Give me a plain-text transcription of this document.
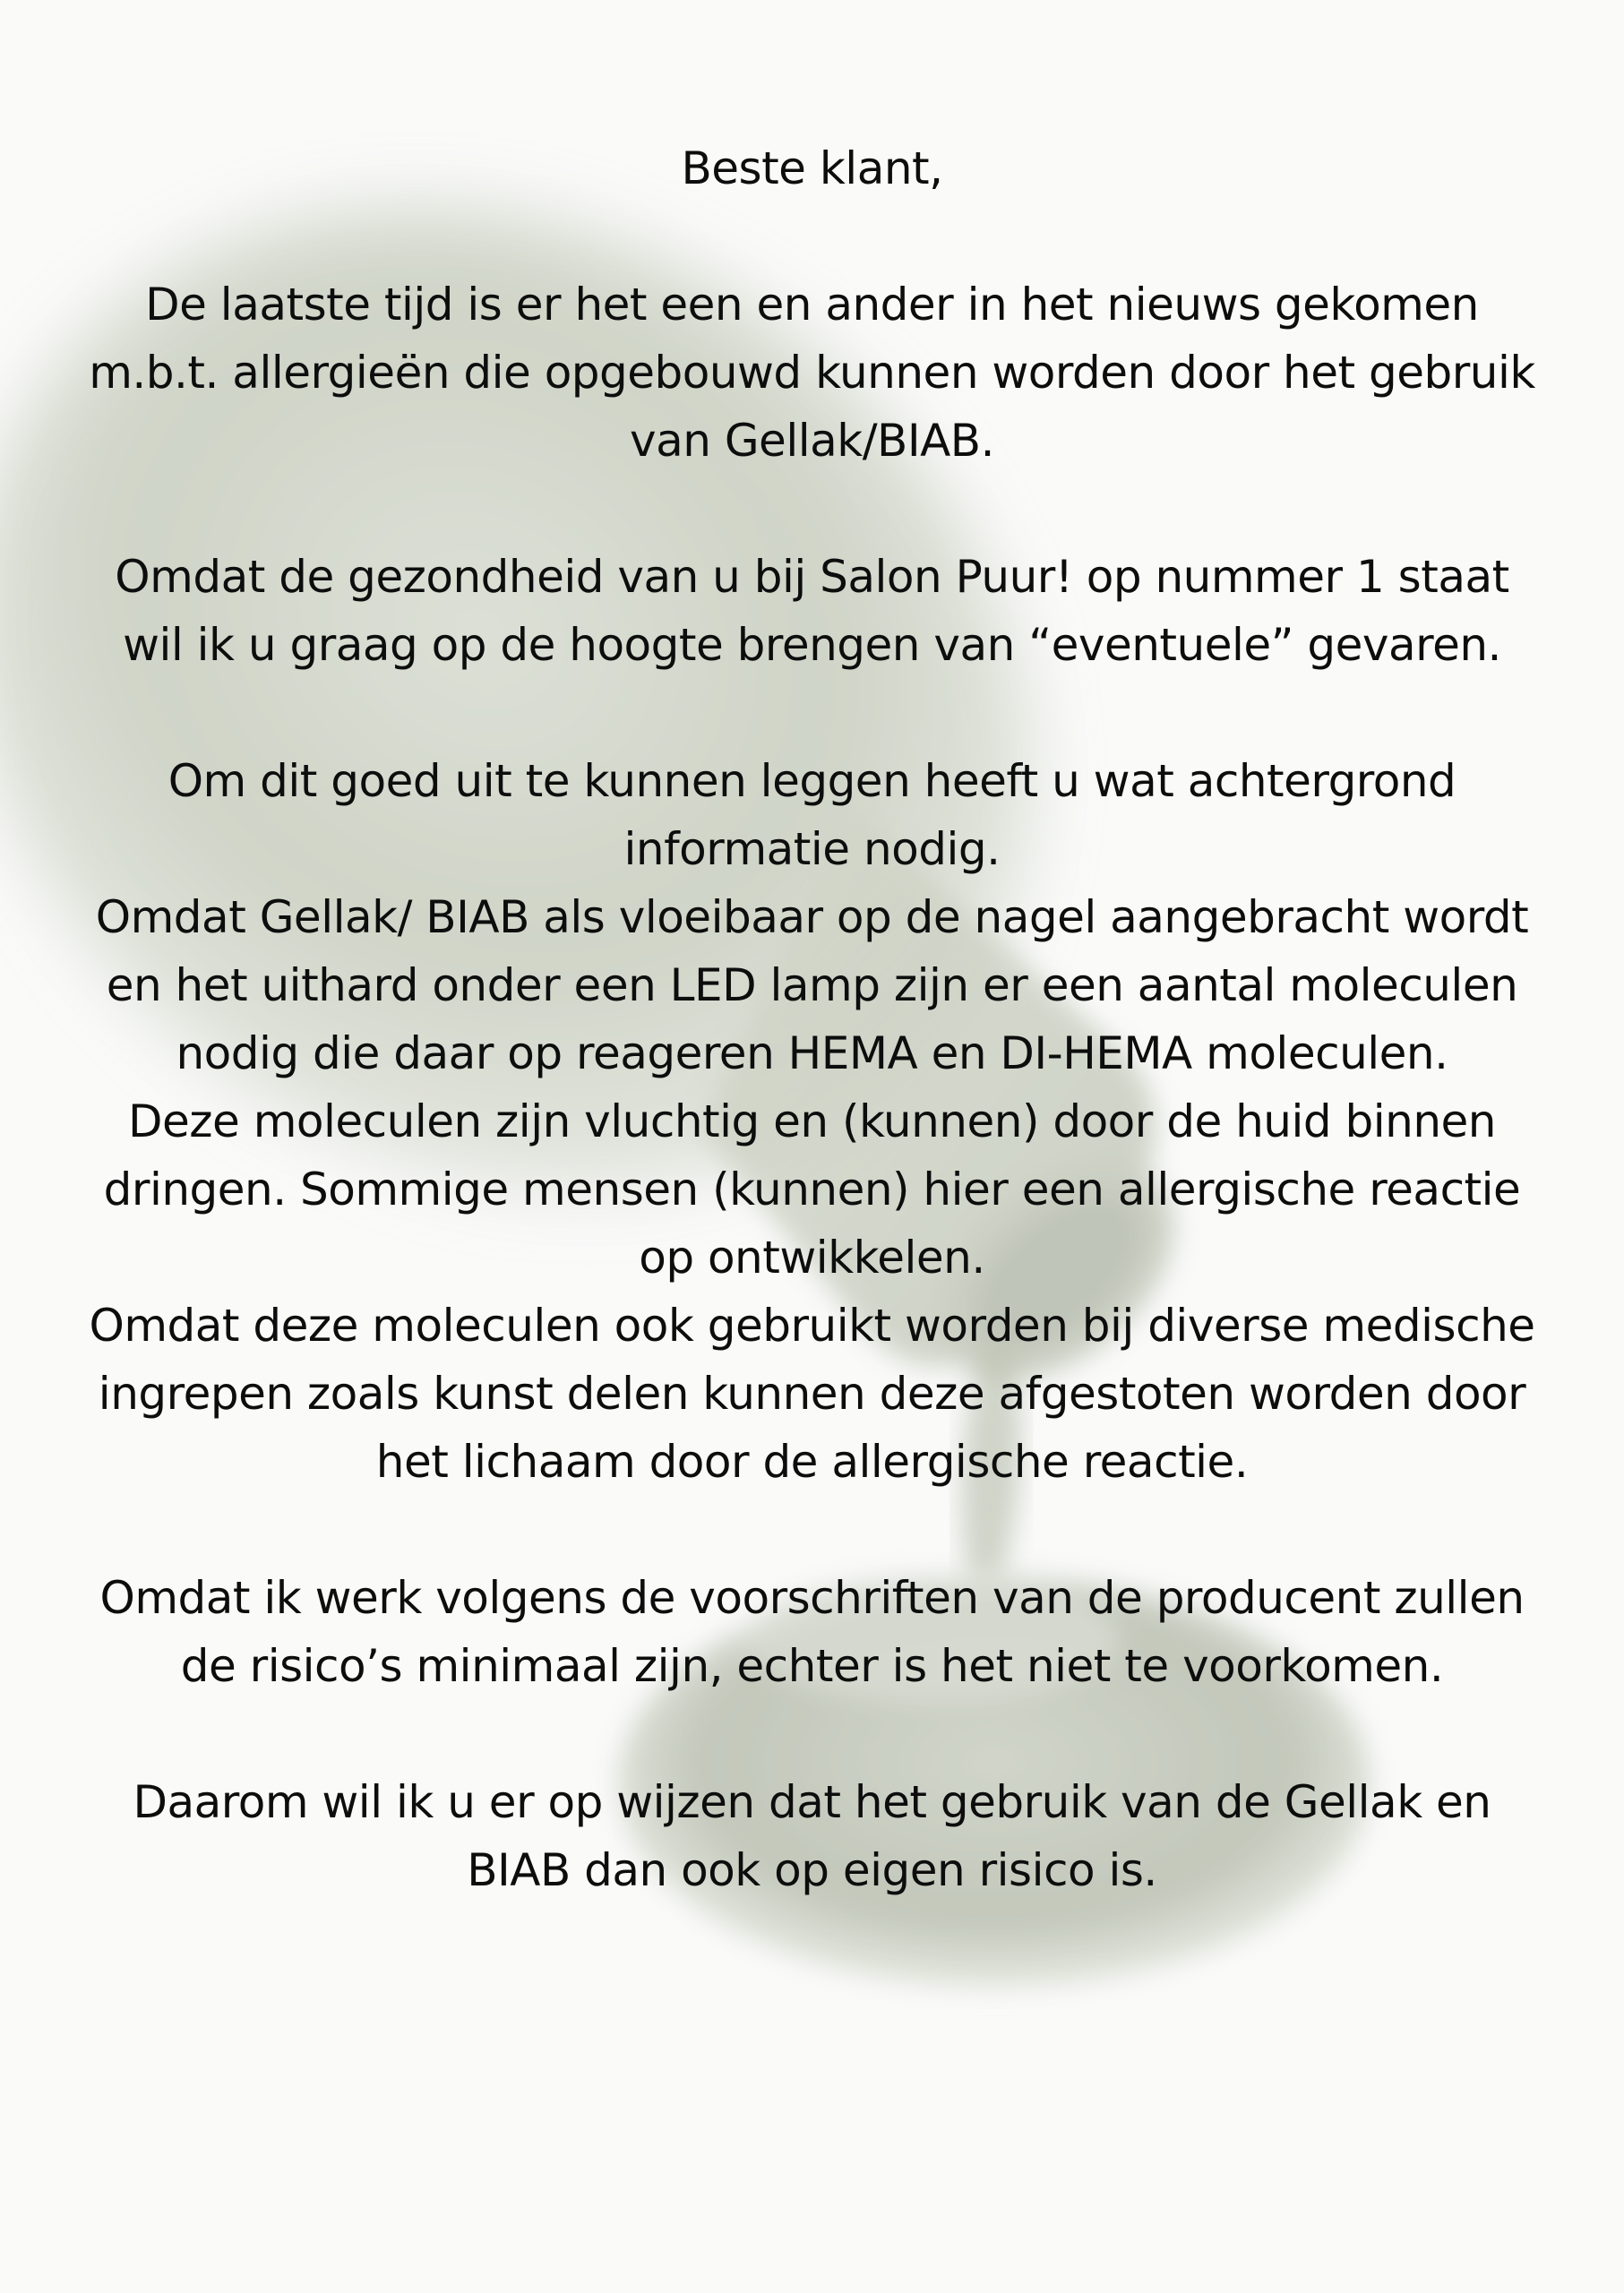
Beste klant,

De laatste tijd is er het een en ander in het nieuws gekomen m.b.t. allergieën die opgebouwd kunnen worden door het gebruik van Gellak/BIAB.

Omdat de gezondheid van u bij Salon Puur! op nummer 1 staat wil ik u graag op de hoogte brengen van “eventuele” gevaren.

Om dit goed uit te kunnen leggen heeft u wat achtergrond informatie nodig.

Omdat Gellak/ BIAB als vloeibaar op de nagel aangebracht wordt en het uithard onder een LED lamp zijn er een aantal moleculen nodig die daar op reageren HEMA en DI-HEMA moleculen.

Deze moleculen zijn vluchtig en (kunnen) door de huid binnen dringen. Sommige mensen (kunnen) hier een allergische reactie op ontwikkelen.

Omdat deze moleculen ook gebruikt worden bij diverse medische ingrepen zoals kunst delen kunnen deze afgestoten worden door het lichaam door de allergische reactie.

Omdat ik werk volgens de voorschriften van de producent zullen de risico’s minimaal zijn, echter is het niet te voorkomen.

Daarom wil ik u er op wijzen dat het gebruik van de Gellak en BIAB dan ook op eigen risico is.
